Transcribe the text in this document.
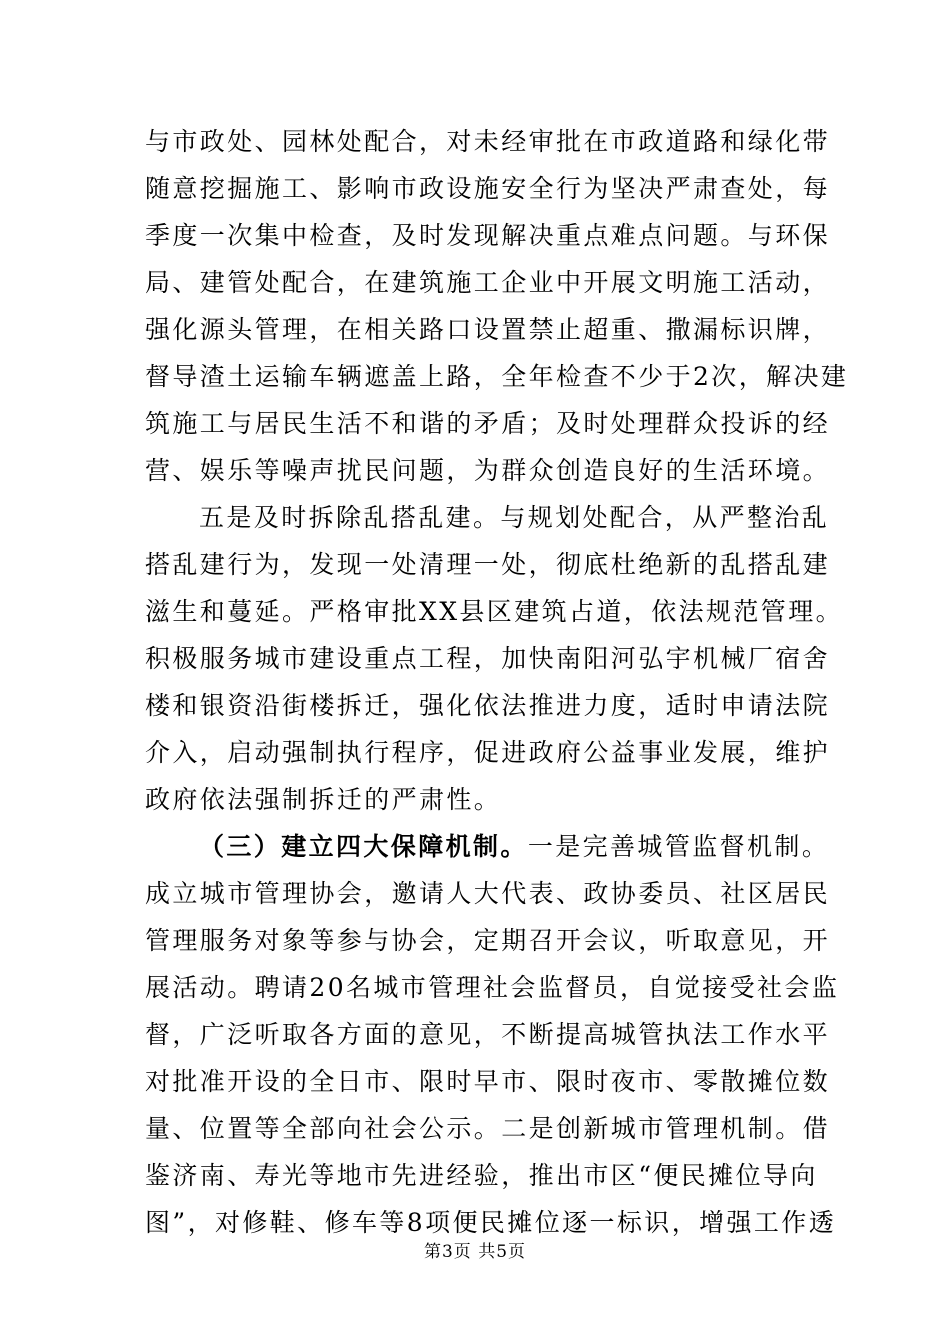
与市政处、园林处配合，对未经审批在市政道路和绿化带
随意挖掘施工、影响市政设施安全行为坚决严肃查处，每
季度一次集中检查，及时发现解决重点难点问题。与环保
局、建管处配合，在建筑施工企业中开展文明施工活动，
强化源头管理，在相关路口设置禁止超重、撒漏标识牌，
督导渣土运输车辆遮盖上路，全年检查不少于2次，解决建
筑施工与居民生活不和谐的矛盾；及时处理群众投诉的经
营、娱乐等噪声扰民问题，为群众创造良好的生活环境。
五是及时拆除乱搭乱建。与规划处配合，从严整治乱
搭乱建行为，发现一处清理一处，彻底杜绝新的乱搭乱建
滋生和蔓延。严格审批XX县区建筑占道，依法规范管理。
积极服务城市建设重点工程，加快南阳河弘宇机械厂宿舍
楼和银资沿街楼拆迁，强化依法推进力度，适时申请法院
介入，启动强制执行程序，促进政府公益事业发展，维护
政府依法强制拆迁的严肃性。
（三）建立四大保障机制。一是完善城管监督机制。
成立城市管理协会，邀请人大代表、政协委员、社区居民
管理服务对象等参与协会，定期召开会议，听取意见，开
展活动。聘请20名城市管理社会监督员，自觉接受社会监
督，广泛听取各方面的意见，不断提高城管执法工作水平
对批准开设的全日市、限时早市、限时夜市、零散摊位数
量、位置等全部向社会公示。二是创新城市管理机制。借
鉴济南、寿光等地市先进经验，推出市区“便民摊位导向
图”，对修鞋、修车等8项便民摊位逐一标识，增强工作透
第3页 共5页
